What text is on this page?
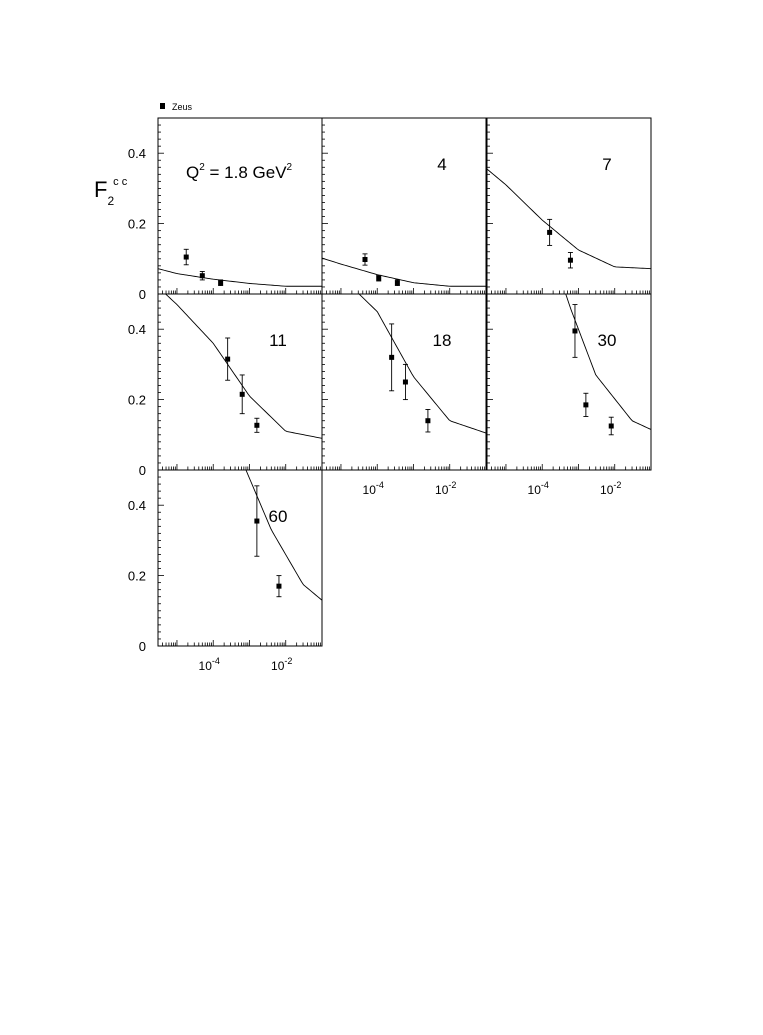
$Q^2 = 1.8$ GeV$^2$	4	7
11	18	30
60
0
0.2
0.4
0
0.2
0.4
$10^{-4}$	$10^{-2}$	$10^{-4}$	$10^{-2}$
0
0.2
0.4
$10^{-4}$	$10^{-2}$
Zeus
$F_2c$ c
